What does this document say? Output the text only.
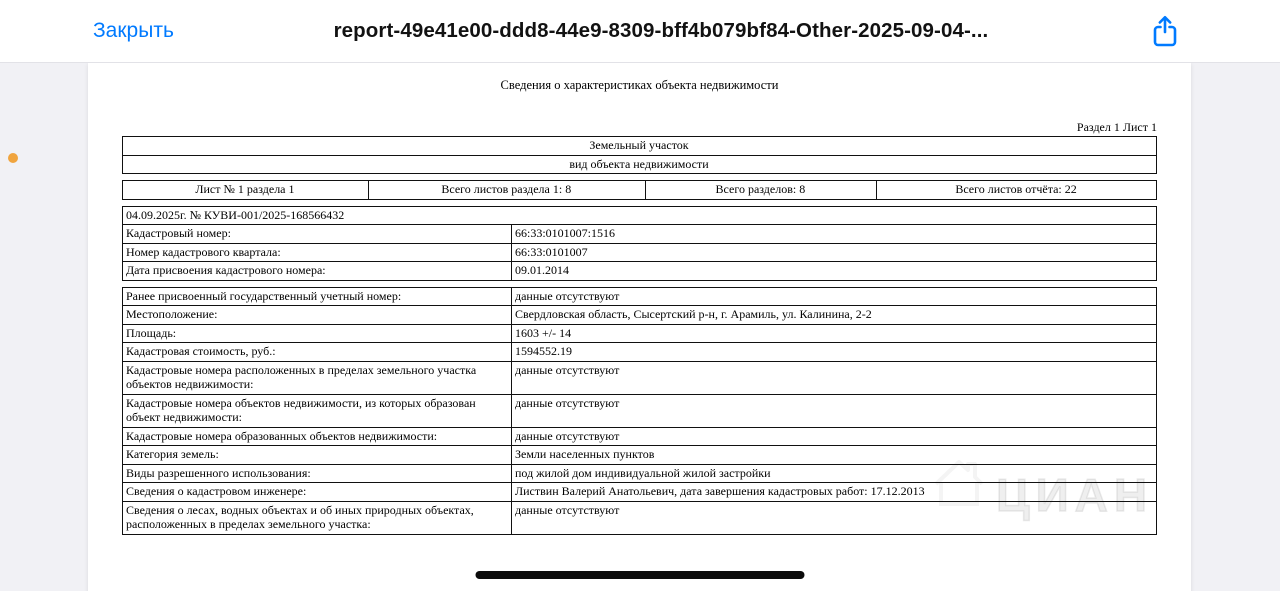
Закрыть	report-49e41e00-ddd8-44e9-8309-bff4b079bf84-Other-2025-09-04-...
ЦИАН
Сведения о характеристиках объекта недвижимости
Раздел 1 Лист 1
Земельный участок
вид объекта недвижимости
Лист № 1 раздела 1	Всего листов раздела 1: 8	Всего разделов: 8	Всего листов отчёта: 22
04.09.2025г. № КУВИ-001/2025-168566432
Кадастровый номер:	66:33:0101007:1516
Номер кадастрового квартала:	66:33:0101007
Дата присвоения кадастрового номера:	09.01.2014
Ранее присвоенный государственный учетный номер:	данные отсутствуют
Местоположение:	Свердловская область, Сысертский р-н, г. Арамиль, ул. Калинина, 2-2
Площадь:	1603 +/- 14
Кадастровая стоимость, руб.:	1594552.19
Кадастровые номера расположенных в пределах земельного участка объектов недвижимости:
данные отсутствуют
Кадастровые номера объектов недвижимости, из которых образован объект недвижимости:
данные отсутствуют
Кадастровые номера образованных объектов недвижимости:	данные отсутствуют
Категория земель:	Земли населенных пунктов
Виды разрешенного использования:	под жилой дом индивидуальной жилой застройки
Сведения о кадастровом инженере:	Листвин Валерий Анатольевич, дата завершения кадастровых работ: 17.12.2013
Сведения о лесах, водных объектах и об иных природных объектах, расположенных в пределах земельного участка:
данные отсутствуют
